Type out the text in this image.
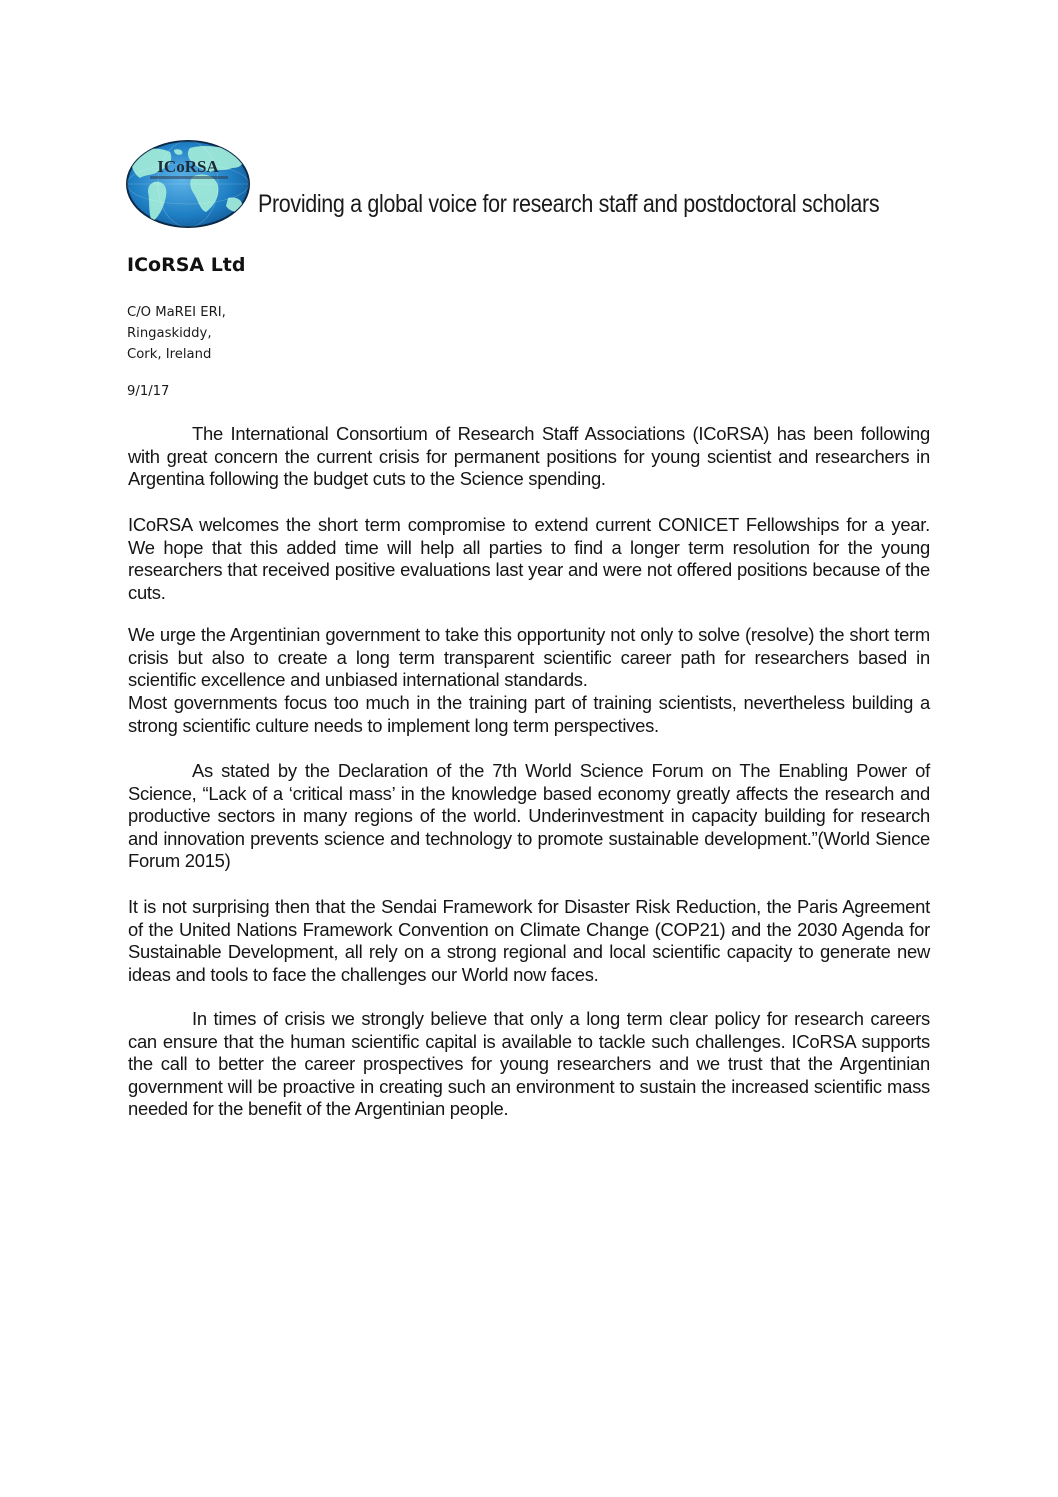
ICoRSA
Providing a global voice for research staff and postdoctoral scholars
ICoRSA Ltd
C/O MaREI ERI,
Ringaskiddy,
Cork, Ireland
9/1/17

The International Consortium of Research Staff Associations (ICoRSA) has been following with great concern the current crisis for permanent positions for young scientist and researchers in Argentina following the budget cuts to the Science spending.

ICoRSA welcomes the short term compromise to extend current CONICET Fellowships for a year. We hope that this added time will help all parties to find a longer term resolution for the young researchers that received positive evaluations last year and were not offered positions because of the cuts.

We urge the Argentinian government to take this opportunity not only to solve (resolve) the short term crisis but also to create a long term transparent scientific career path for researchers based in scientific excellence and unbiased international standards.

Most governments focus too much in the training part of training scientists, nevertheless building a strong scientific culture needs to implement long term perspectives.

As stated by the Declaration of the 7th World Science Forum on The Enabling Power of Science, “Lack of a ‘critical mass’ in the knowledge based economy greatly affects the research and productive sectors in many regions of the world. Underinvestment in capacity building for research and innovation prevents science and technology to promote sustainable development.”(World Sience Forum 2015)

It is not surprising then that the Sendai Framework for Disaster Risk Reduction, the Paris Agreement of the United Nations Framework Convention on Climate Change (COP21) and the 2030 Agenda for Sustainable Development, all rely on a strong regional and local scientific capacity to generate new ideas and tools to face the challenges our World now faces.

In times of crisis we strongly believe that only a long term clear policy for research careers can ensure that the human scientific capital is available to tackle such challenges. ICoRSA supports the call to better the career prospectives for young researchers and we trust that the Argentinian government will be proactive in creating such an environment to sustain the increased scientific mass needed for the benefit of the Argentinian people.
